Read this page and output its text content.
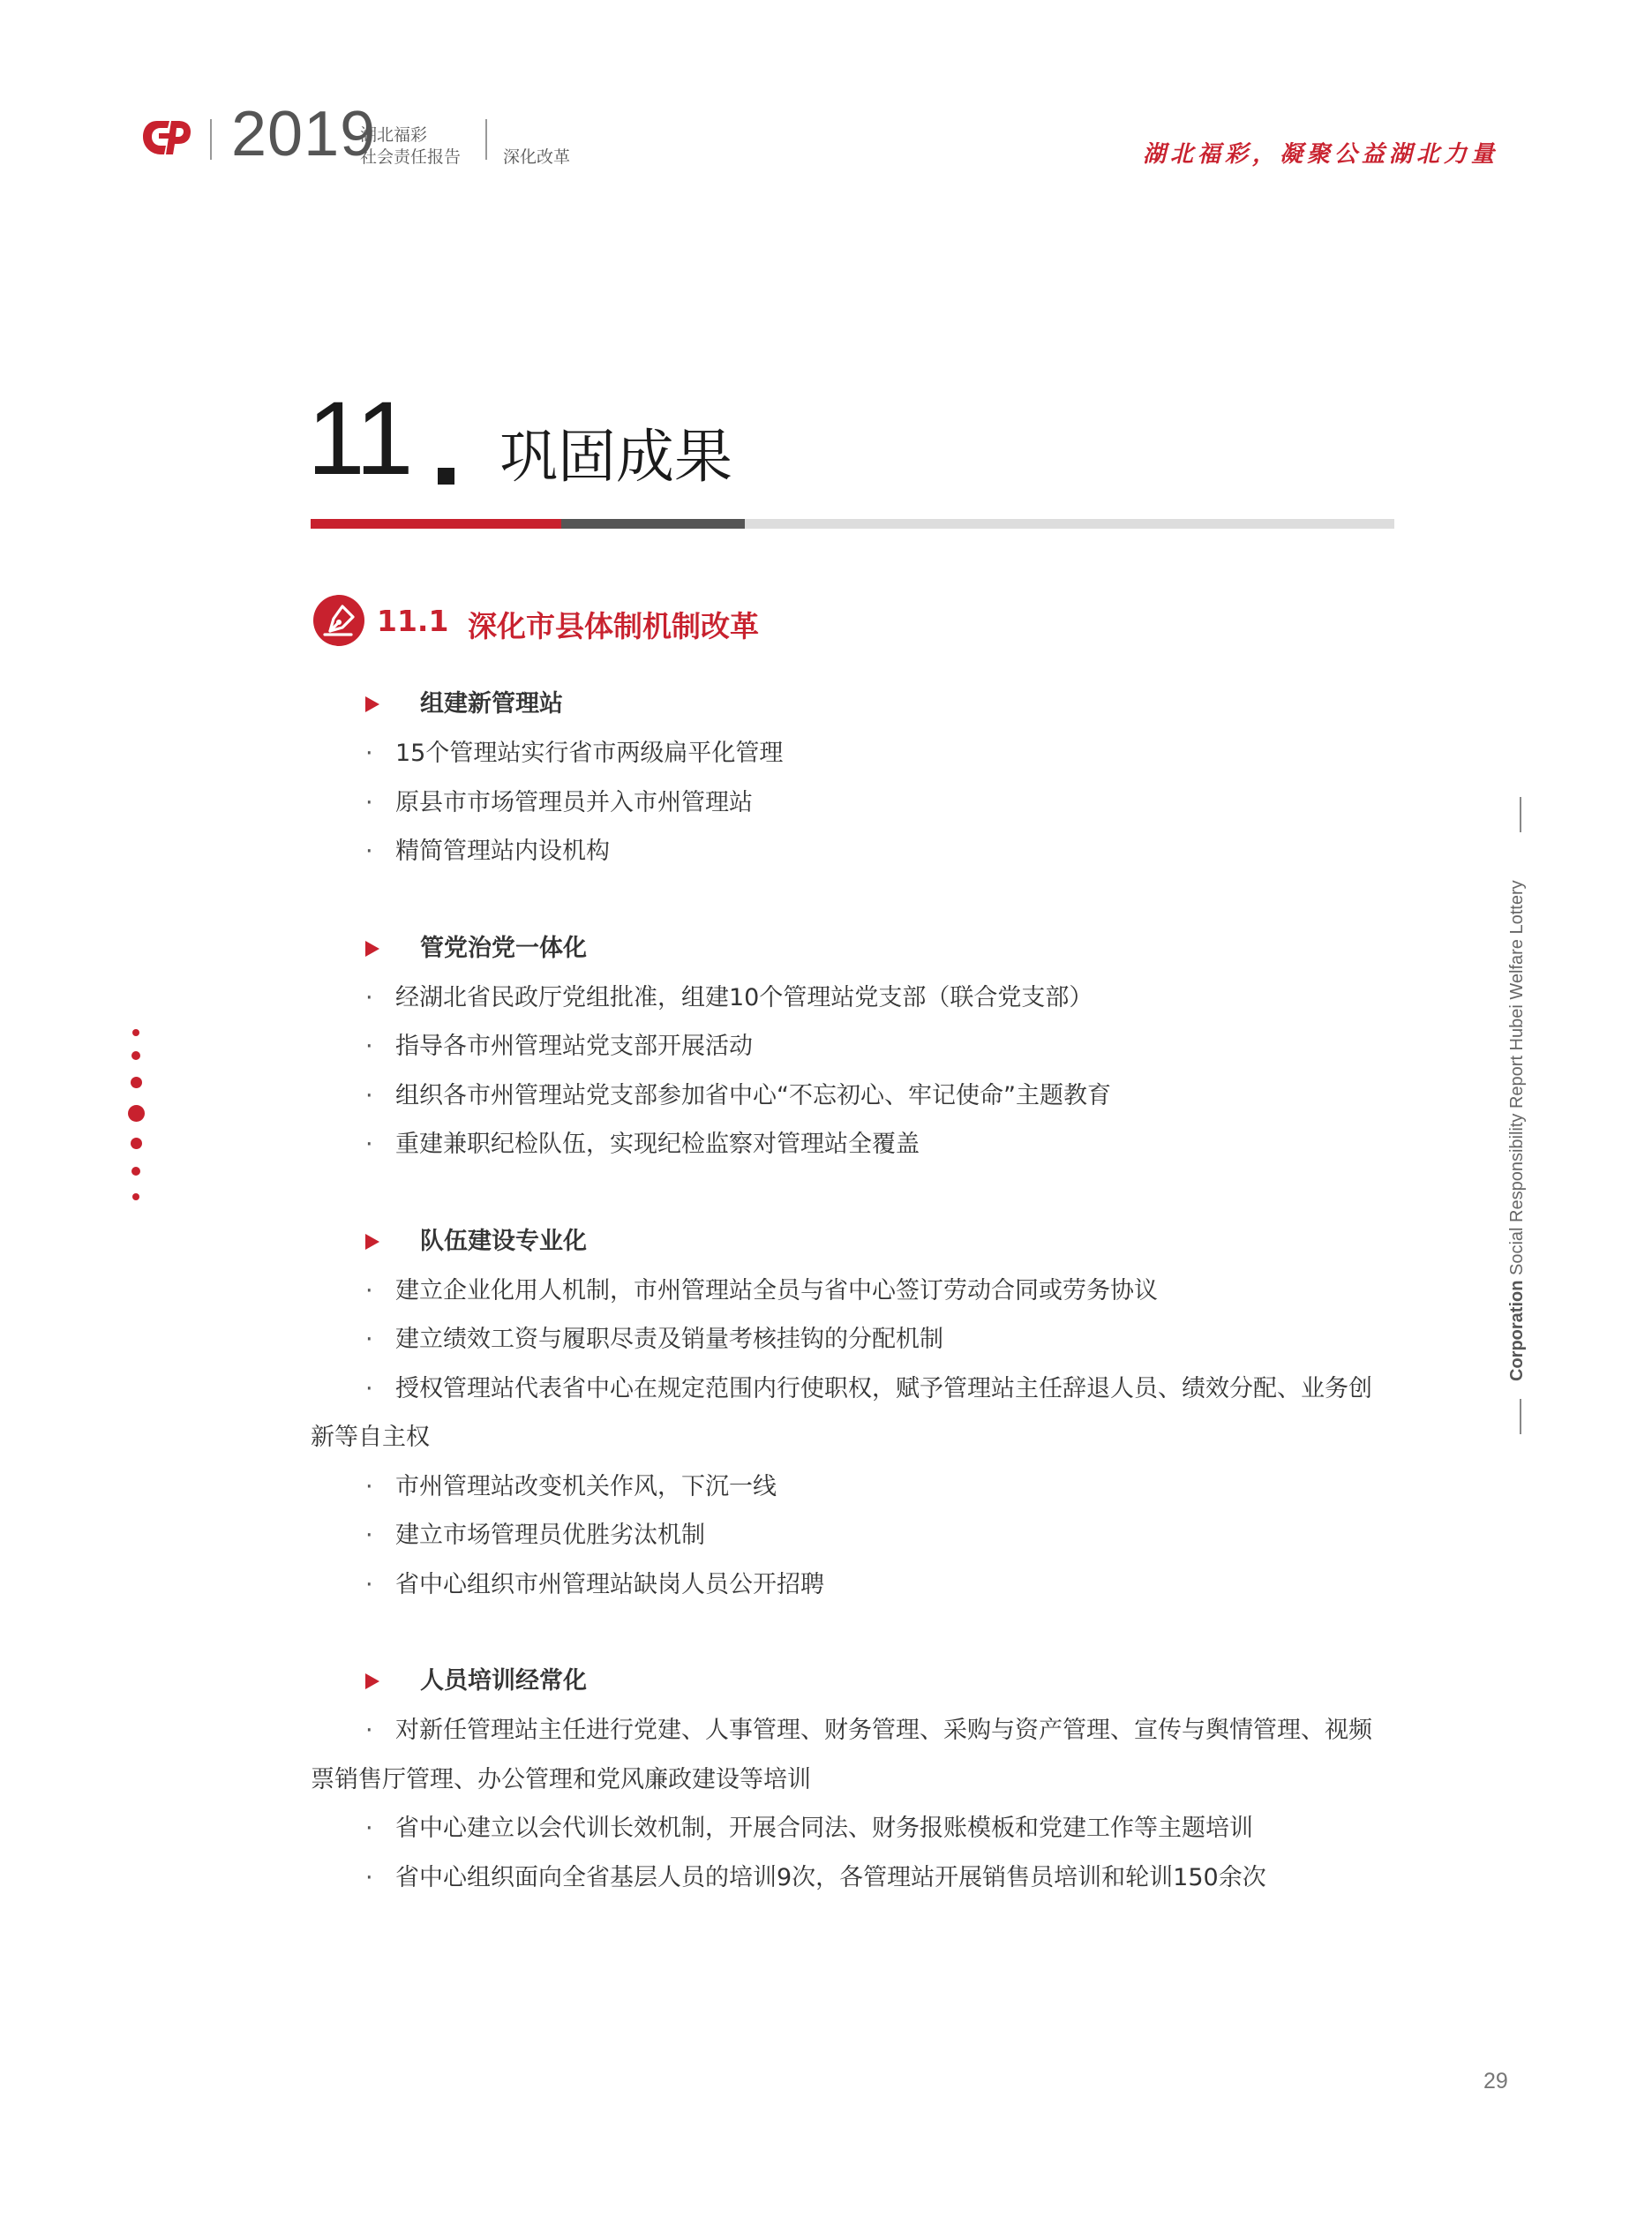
2019
湖北福彩
社会责任报告	深化改革	湖北福彩，凝聚公益湖北力量
11 巩固成果
11.1 深化市县体制机制改革
组建新管理站
· 15个管理站实行省市两级扁平化管理
· 原县市市场管理员并入市州管理站
· 精简管理站内设机构
管党治党一体化
· 经湖北省民政厅党组批准，组建10个管理站党支部（联合党支部）
· 指导各市州管理站党支部开展活动
· 组织各市州管理站党支部参加省中心“不忘初心、牢记使命”主题教育
· 重建兼职纪检队伍，实现纪检监察对管理站全覆盖
队伍建设专业化
· 建立企业化用人机制，市州管理站全员与省中心签订劳动合同或劳务协议
· 建立绩效工资与履职尽责及销量考核挂钩的分配机制
· 授权管理站代表省中心在规定范围内行使职权，赋予管理站主任辞退人员、绩效分配、业务创新等自主权
· 市州管理站改变机关作风，下沉一线
· 建立市场管理员优胜劣汰机制
· 省中心组织市州管理站缺岗人员公开招聘
人员培训经常化
· 对新任管理站主任进行党建、人事管理、财务管理、采购与资产管理、宣传与舆情管理、视频票销售厅管理、办公管理和党风廉政建设等培训
· 省中心建立以会代训长效机制，开展合同法、财务报账模板和党建工作等主题培训
· 省中心组织面向全省基层人员的培训9次，各管理站开展销售员培训和轮训150余次
Corporation Social Responsibility Report Hubei Welfare Lottery
29
